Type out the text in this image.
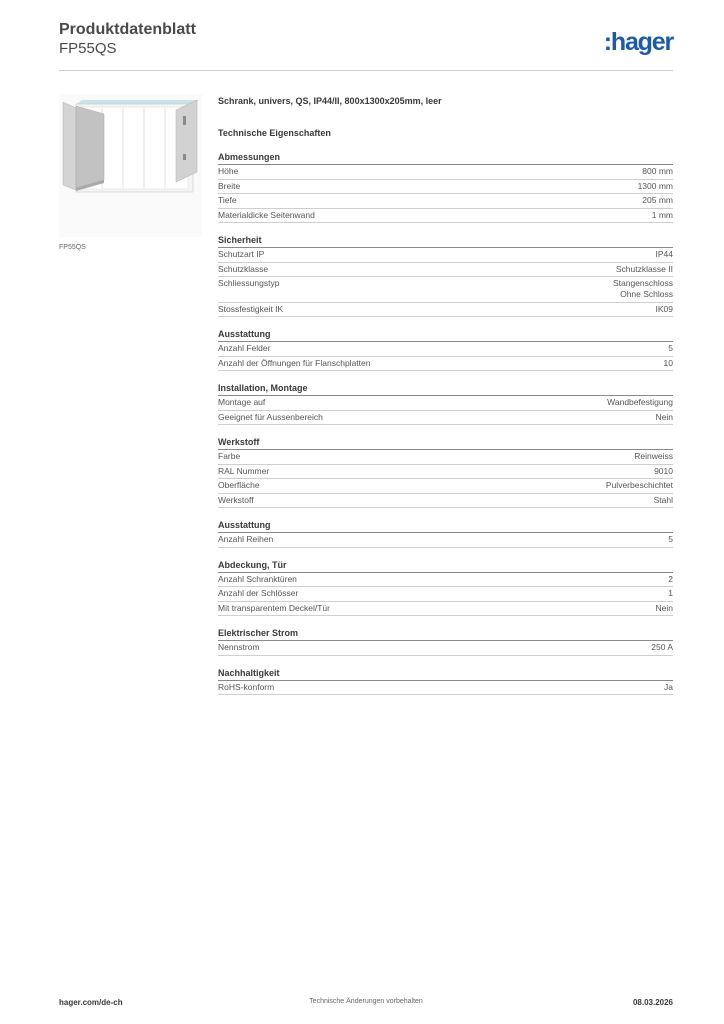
Produktdatenblatt
FP55QS	:hager
FP55QS
Schrank, univers, QS, IP44/II, 800x1300x205mm, leer
Technische Eigenschaften
Abmessungen
Höhe	800 mm
Breite	1300 mm
Tiefe	205 mm
Materialdicke Seitenwand	1 mm
Sicherheit
Schutzart IP	IP44
Schutzklasse	Schutzklasse II
Schliessungstyp	Stangenschloss
Ohne Schloss
Stossfestigkeit IK	IK09
Ausstattung
Anzahl Felder	5
Anzahl der Öffnungen für Flanschplatten	10
Installation, Montage
Montage auf	Wandbefestigung
Geeignet für Aussenbereich	Nein
Werkstoff
Farbe	Reinweiss
RAL Nummer	9010
Oberfläche	Pulverbeschichtet
Werkstoff	Stahl
Ausstattung
Anzahl Reihen	5
Abdeckung, Tür
Anzahl Schranktüren	2
Anzahl der Schlösser	1
Mit transparentem Deckel/Tür	Nein
Elektrischer Strom
Nennstrom	250 A
Nachhaltigkeit
RoHS-konform	Ja
hager.com/de-ch	Technische Änderungen vorbehalten	08.03.2026
